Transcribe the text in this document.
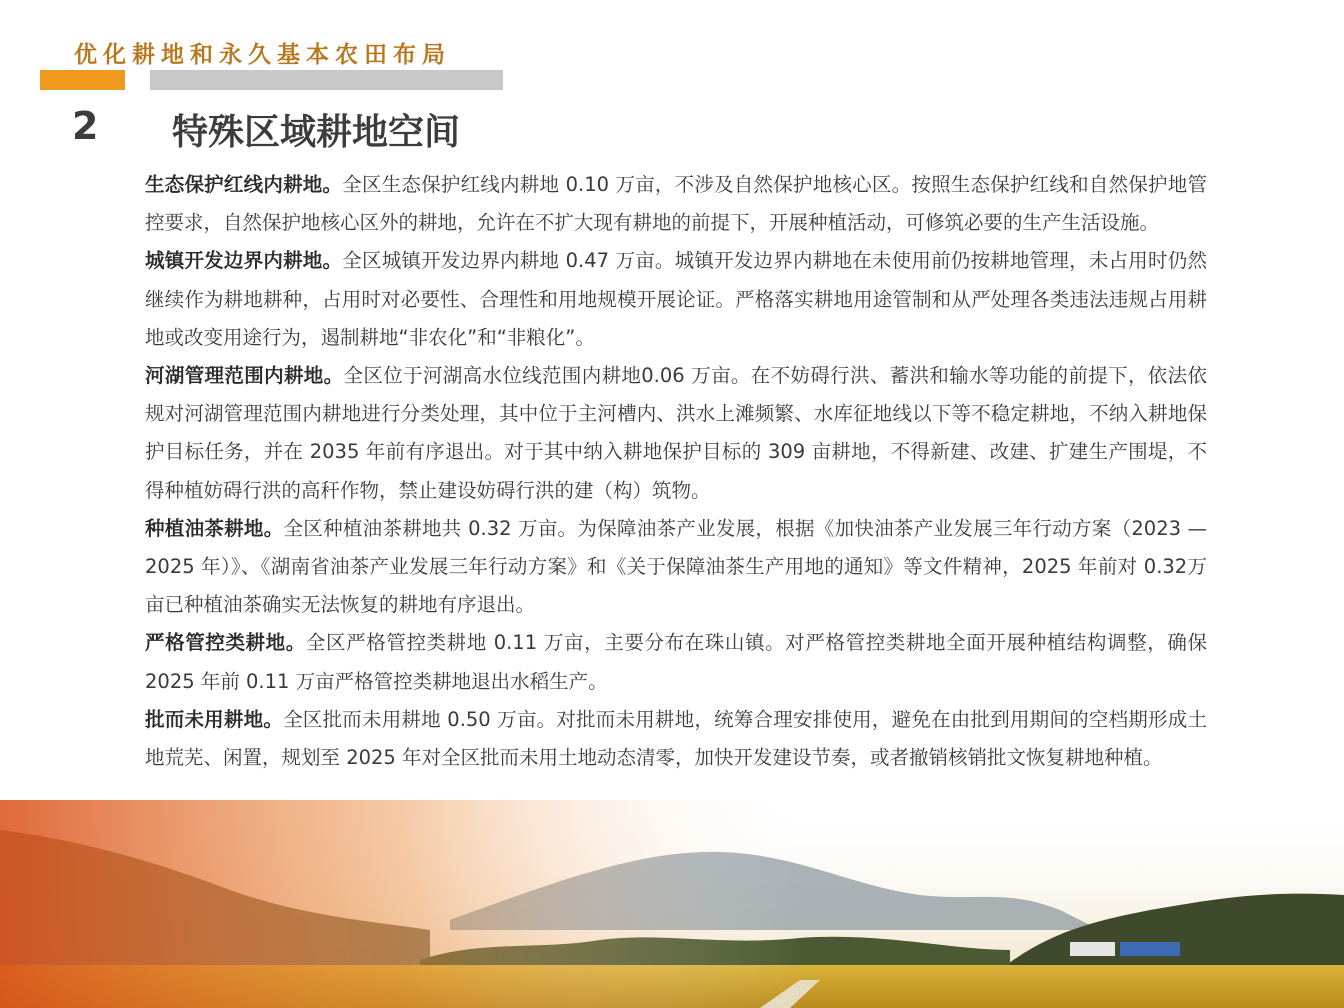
优化耕地和永久基本农田布局
2 特殊区域耕地空间

生态保护红线内耕地。全区生态保护红线内耕地 0.10 万亩，不涉及自然保护地核心区。按照生态保护红线和自然保护地管控要求，自然保护地核心区外的耕地，允许在不扩大现有耕地的前提下，开展种植活动，可修筑必要的生产生活设施。

城镇开发边界内耕地。全区城镇开发边界内耕地 0.47 万亩。城镇开发边界内耕地在未使用前仍按耕地管理，未占用时仍然继续作为耕地耕种，占用时对必要性、合理性和用地规模开展论证。严格落实耕地用途管制和从严处理各类违法违规占用耕地或改变用途行为，遏制耕地“非农化”和“非粮化”。

河湖管理范围内耕地。全区位于河湖高水位线范围内耕地0.06 万亩。在不妨碍行洪、蓄洪和输水等功能的前提下，依法依规对河湖管理范围内耕地进行分类处理，其中位于主河槽内、洪水上滩频繁、水库征地线以下等不稳定耕地，不纳入耕地保护目标任务，并在 2035 年前有序退出。对于其中纳入耕地保护目标的 309 亩耕地，不得新建、改建、扩建生产围堤，不得种植妨碍行洪的高秆作物，禁止建设妨碍行洪的建（构）筑物。

种植油茶耕地。全区种植油茶耕地共 0.32 万亩。为保障油茶产业发展，根据《加快油茶产业发展三年行动方案（2023 —2025 年）》、《湖南省油茶产业发展三年行动方案》和《关于保障油茶生产用地的通知》等文件精神，2025 年前对 0.32万亩已种植油茶确实无法恢复的耕地有序退出。

严格管控类耕地。全区严格管控类耕地 0.11 万亩，主要分布在珠山镇。对严格管控类耕地全面开展种植结构调整，确保 2025 年前 0.11 万亩严格管控类耕地退出水稻生产。

批而未用耕地。全区批而未用耕地 0.50 万亩。对批而未用耕地，统筹合理安排使用，避免在由批到用期间的空档期形成土地荒芜、闲置，规划至 2025 年对全区批而未用土地动态清零，加快开发建设节奏，或者撤销核销批文恢复耕地种植。
